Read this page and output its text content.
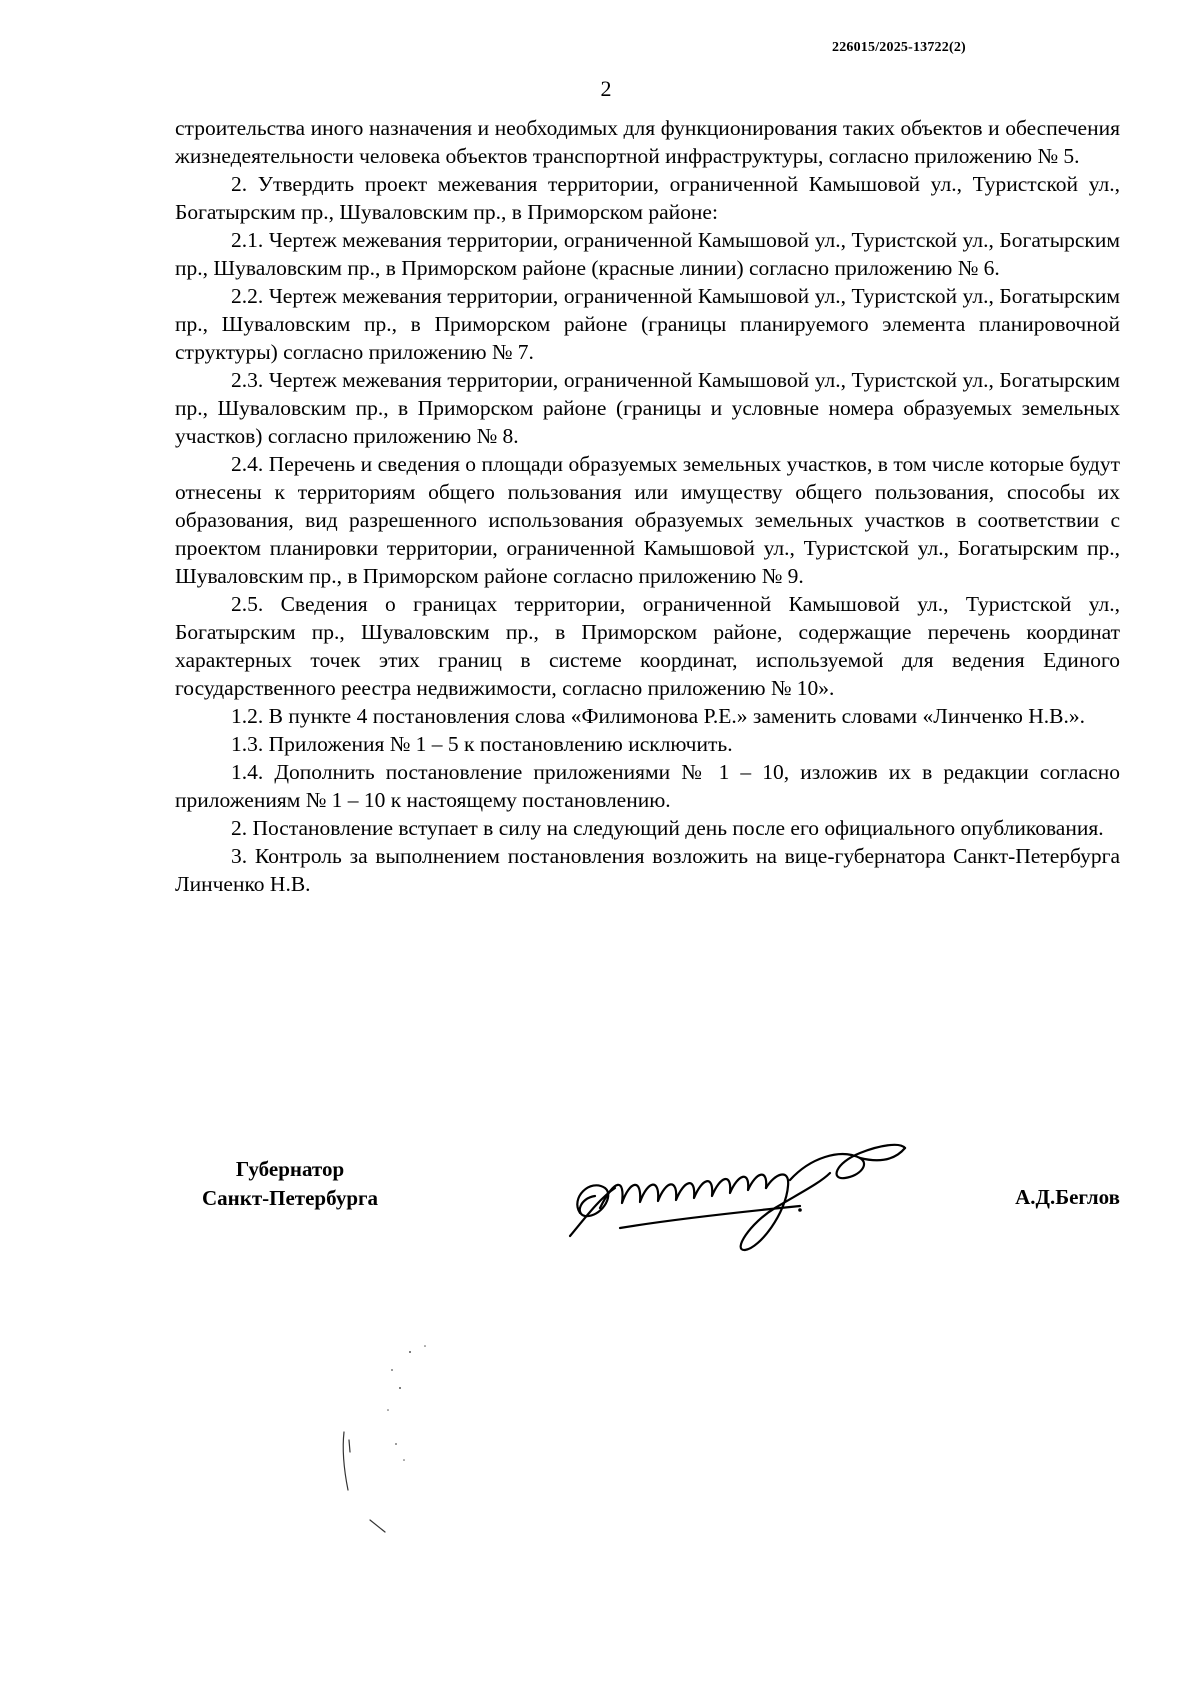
226015/2025-13722(2)
2

строительства иного назначения и необходимых для функционирования таких объектов и обеспечения жизнедеятельности человека объектов транспортной инфраструктуры, согласно приложению № 5.

2. Утвердить проект межевания территории, ограниченной Камышовой ул., Туристской ул., Богатырским пр., Шуваловским пр., в Приморском районе:

2.1. Чертеж межевания территории, ограниченной Камышовой ул., Туристской ул., Богатырским пр., Шуваловским пр., в Приморском районе (красные линии) согласно приложению № 6.

2.2. Чертеж межевания территории, ограниченной Камышовой ул., Туристской ул., Богатырским пр., Шуваловским пр., в Приморском районе (границы планируемого элемента планировочной структуры) согласно приложению № 7.

2.3. Чертеж межевания территории, ограниченной Камышовой ул., Туристской ул., Богатырским пр., Шуваловским пр., в Приморском районе (границы и условные номера образуемых земельных участков) согласно приложению № 8.

2.4. Перечень и сведения о площади образуемых земельных участков, в том числе которые будут отнесены к территориям общего пользования или имуществу общего пользования, способы их образования, вид разрешенного использования образуемых земельных участков в соответствии с проектом планировки территории, ограниченной Камышовой ул., Туристской ул., Богатырским пр., Шуваловским пр., в Приморском районе согласно приложению № 9.

2.5. Сведения о границах территории, ограниченной Камышовой ул., Туристской ул., Богатырским пр., Шуваловским пр., в Приморском районе, содержащие перечень координат характерных точек этих границ в системе координат, используемой для ведения Единого государственного реестра недвижимости, согласно приложению № 10».

1.2. В пункте 4 постановления слова «Филимонова Р.Е.» заменить словами «Линченко Н.В.».

1.3. Приложения № 1 – 5 к постановлению исключить.

1.4. Дополнить постановление приложениями № 1 – 10, изложив их в редакции согласно приложениям № 1 – 10 к настоящему постановлению.

2. Постановление вступает в силу на следующий день после его официального опубликования.

3. Контроль за выполнением постановления возложить на вице-губернатора Санкт-Петербурга Линченко Н.В.

Губернатор
Санкт-Петербурга	А.Д.Беглов
